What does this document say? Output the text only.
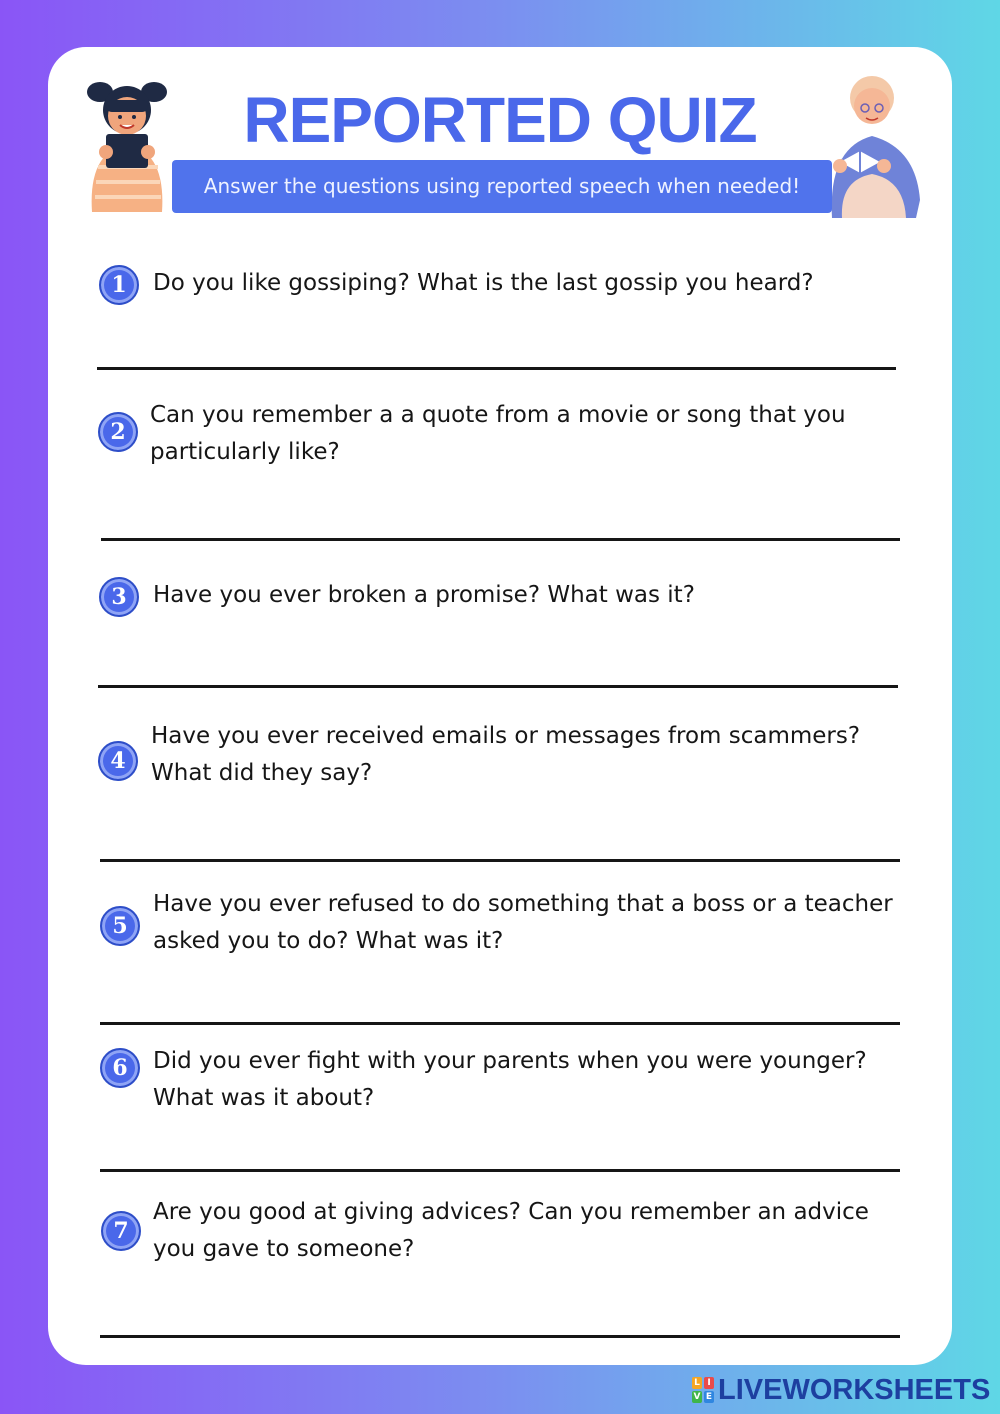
REPORTED QUIZ
Answer the questions using reported speech when needed!
1	Do you like gossiping? What is the last gossip you heard?
2
Can you remember a a quote from a movie or song that you
particularly like?
3	Have you ever broken a promise? What was it?
4
Have you ever received emails or messages from scammers?
What did they say?
5
Have you ever refused to do something that a boss or a teacher
asked you to do? What was it?
6	Did you ever fight with your parents when you were younger?
What was it about?
7
Are you good at giving advices? Can you remember an advice
you gave to someone?
L I
V E LIVEWORKSHEETS
